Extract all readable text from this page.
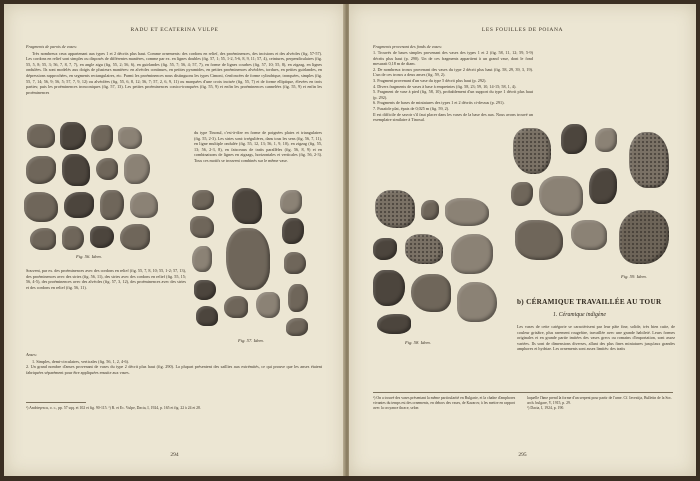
RADU ET ECATERINA VULPE

Fragments de parois de vases:

Très nombreux ceux appartenant aux types 1 et 2 décrits plus haut. Comme ornements: des cordons en relief, des proéminences, des incisions et des alvéoles (fig. 57-57). Les cordons en relief sont simples ou disposés de différentes manières, comme par ex. en lignes doubles (fig. 57, 1; 55, 1-2, 5-6, 8, 9, 11; 57, 4), ceintures, perpendiculaires (fig. 55, 5, 8; 55, 3; 56, 7, 8, 7, 7), en angle aigu (fig. 55, 2; 56, 6), en guirlandes (fig. 55, 7; 56, 4; 57, 7), en forme de lignes courbes (fig. 57, 10; 55, 8), en zigzag, en lignes ondulées. Ils sont modelés aux doigts de plusieurs manières: en alvéoles continues, en petites pyramides, en petites proéminences alvéolées, tordues, en petites guirlandes, en dépressions rapprochées, en segments rectangulaires, etc. Parmi les proéminences nous distinguons les types Cimoni, s'enfoncées de forme cylindrique, tronquées, simples (fig. 55, 7, 14; 56, 9; 56, 5; 57, 7, 9, 12) ou alvéolées (fig. 55, 6, 8, 12; 56, 7; 57, 2, 6, 9, 11) ou marquées d'une croix incisée (fig. 55, 7) et de forme elliptique, élevées en trois parties; puis les proéminences tronconiques (fig. 57, 13). Les petites proéminences conico-tronquées (fig. 55, 9) et enfin les proéminences cannelées (fig. 55, 9) et enfin les proéminences

Fig. 56. Idem.
du type Tinosul, c'est-à-dire en forme de poignées plates et triangulaires (fig. 55, 2-3). Les stries sont: irrégulières, dans tous les sens (fig. 56, 7, 11), en ligne multiple ondulée (fig. 55, 12, 13; 56, 1, 9, 10), en zigzag (fig. 55, 13; 56, 2-3, 8), en faisceaux de traits parallèles (fig. 56, 8, 9) et en combinaisons de lignes en zigzags, horizontales et verticales (fig. 56, 2-3). Tous ces motifs se trouvent combinés sur le même vase.
Fig. 57. Idem.
Souvent, par ex. des proéminences avec des cordons en relief (fig. 55, 7, 8, 10; 55, 1-2; 57, 13), des proéminences avec des stries (fig. 56, 11), des stries avec des cordons en relief (fig. 55, 15; 56, 4-5), des proéminences avec des alvéoles (fig. 57, 3, 12), des proéminences avec des stries et des cordons en relief (fig. 56, 11).

Anses:

1. Simples, demi-circulaires, verticales (fig. 56, 1, 2, 4-6).
2. Un grand nombre d'anses provenant de vases du type 2 décrit plus haut (fig. 290). La plupart présentent des saillies aux extrémités, ce qui prouve que les anses étaient fabriquées séparément pour être appliquées ensuite aux vases.

¹) Andrieşescu, o. c., pp. 57 sqq. et 102 et fig. 90-115. ²) R. et Ec. Vulpe, Dacia, I, 1924, p. 165 et fig. 22 à 24 et 28.
294
LES FOUILLES DE POIANA

Fragments provenant des fonds de vases:

1. Trouvés de bases simples provenant des vases des types 1 et 2 (fig. 58, 11, 12; 59, 5-9) décrits plus haut (p. 290). Un de ces fragments appartient à un grand vase, dont le fond mesurait 0,18 m de diam.
2. De nombreux troncs provenant des vases du type 2 décrit plus haut (fig. 58, 29, 39, 3, 19). L'un de ces troncs a deux anses (fig. 59, 2).
3. Fragment provenant d'un vase du type 5 décrit plus haut (p. 292).
4. Divers fragments de vases à base à empreintes (fig. 58, 23; 59, 10, 14-15; 58, 1, 4).
5. Fragment de vase à pied (fig. 58, 10), probablement d'un support du type 1 décrit plus haut (p. 292).
6. Fragments de bases de miniatures des types 1 et 2 décrits ci-dessus (p. 291).
7. Fusaïole plat, épais de 0,025 m (fig. 59, 2).
Il est difficile de savoir s'il faut placer dans les vases de la base des aux. Nous avons trouvé un exemplaire similaire à Tinosul.
Fig. 59. Idem.
Fig. 58. Idem.
b) CÉRAMIQUE TRAVAILLÉE AU TOUR
1. Céramique indigène
Les vases de cette catégorie se caractérisent par leur pâte fine, solide, très bien cuite, de couleur grisâtre, plus rarement rougeâtre, travaillée avec une grande habileté. Leurs formes originales et en grande partie imitées des vases grecs ou romains d'importation, sont assez variées. Ils sont de dimensions diverses, allant des plus fines miniatures jusqu'aux grandes amphores et hydriae. Les ornements sont assez limités: des traits
¹) On a trouvé des vases présentant la même particularité en Bulgarie, et la chaîne d'amphores vivantes du temps est des ornements, en dehors des vases, de Kazarov, à les mettre en rapport avec la croyance thrace, selon
laquelle l'âme prend la forme d'un serpent pour partir de l'urne. Cf. Izvestija, Bulletin de la Soc. arch. bulgare, V, 1915, p. 29.
²) Dacia, I, 1924, p. 190.
295
